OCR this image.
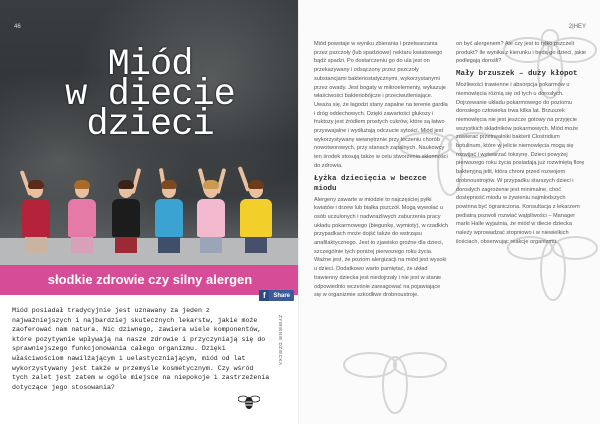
46
Miód
w diecie
dzieci
słodkie zdrowie czy silny alergen
f	Share
Miód posiadał tradycyjnie jest uznawany za jeden z najważniejszych i najbardziej skutecznych lekarstw, jakie może zaoferować nam natura. Nic dziwnego, zawiera wiele komponentów, które pozytywnie wpływają na nasze zdrowie i przyczyniają się do sprawniejszego funkcjonowania całego organizmu. Dzięki właściwościom nawilżającym i uelastyczniającym, miód od lat wykorzystywany jest także w przemyśle kosmetycznym. Czy wśród tych zalet jest zatem w ogóle miejsce na niepokoje i zastrzeżenia dotyczące jego stosowania?
ŻYWIENIE DZIECKA
2|HEY

Miód powstaje w wyniku zbierania i przetwarzania przez pszczoły (lub spadziowe) nektaru kwiatowego bądź spadzi. Po dostarczeniu go do ula jest on przekazywany i odsączony przez pszczoły substancjami bakteriostatycznymi, wykorzystanymi przez owady. Jest bogaty w mikroelementy, wykazuje właściwości bakteriobójcze i przeciwutleniające. Uważa się, że łagodzi stany zapalne na terenie gardła i dróg oddechowych. Dzięki zawartości glukozy i fruktozy jest źródłem prostych cukrów, które są łatwo przyswajalne i wydłużają odczucie sytości. Miód jest wykorzystywany wewnętrznie przy leczeniu chorób nowotworowych, przy stanach zapalnych. Naukowcy ten środek stosują także w celu stworzenia skłonności do zdrowia.

Łyżka dziecięcia w beczce miodu

Alergeny zawarte w miodzie to najczęściej pyłki kwiatów i drzew lub białka pszczół. Mogą wywołać u osób uczulonych i nadwrażliwych zaburzenia pracy układu pokarmowego (biegunkę, wymioty), w rzadkich przypadkach może dojść także do wstrząsu anafilaktycznego. Jest to zjawisko groźne dla dzieci, szczególnie tych poniżej pierwszego roku życia. Ważne jest, że poziom alergizacji na miód jest wysoki u dzieci. Dodatkowo warto pamiętać, że układ trawienny dziecka jest niedojrzały i nie jest w stanie odpowiednio wcześnie zareagować na pojawiające się w organizmie szkodliwe drobnoustroje.

on być alergenem? Ale czy jest to tylko pszczeli produkt? Ile wynika z kierunku i będą go dzieci, jakie podlegają dorośli?

Mały brzuszek – duży kłopot

Możliwości trawienne i absorpcja pokarmów u niemowlęcia różnią się od tych u dorosłych. Dojrzewanie układu pokarmowego do poziomu dorosłego człowieka trwa kilka lat. Brzuszek niemowlęcia nie jest jeszcze gotowy na przyjęcie wszystkich składników pokarmowych. Miód może zawierać przetrwalniki bakterii Clostridium botulinum, które w jelicie niemowlęcia mogą się rozwijać i wytwarzać toksynę. Dzieci powyżej pierwszego roku życia posiadają już rozwiniętą florę bakteryjną jelit, która chroni przed rozwojem drobnoustrojów. W przypadku starszych dzieci i dorosłych zagrożenie jest minimalne, choć dostępność miodu w żywieniu najmłodszych powinna być ograniczona. Konsultacja z lekarzem pediatrą pozwoli rozwiać wątpliwości – Manager marki Halle wyjaśnia, że miód w diecie dziecka należy wprowadzać stopniowo i w niewielkich ilościach, obserwując reakcje organizmu.
